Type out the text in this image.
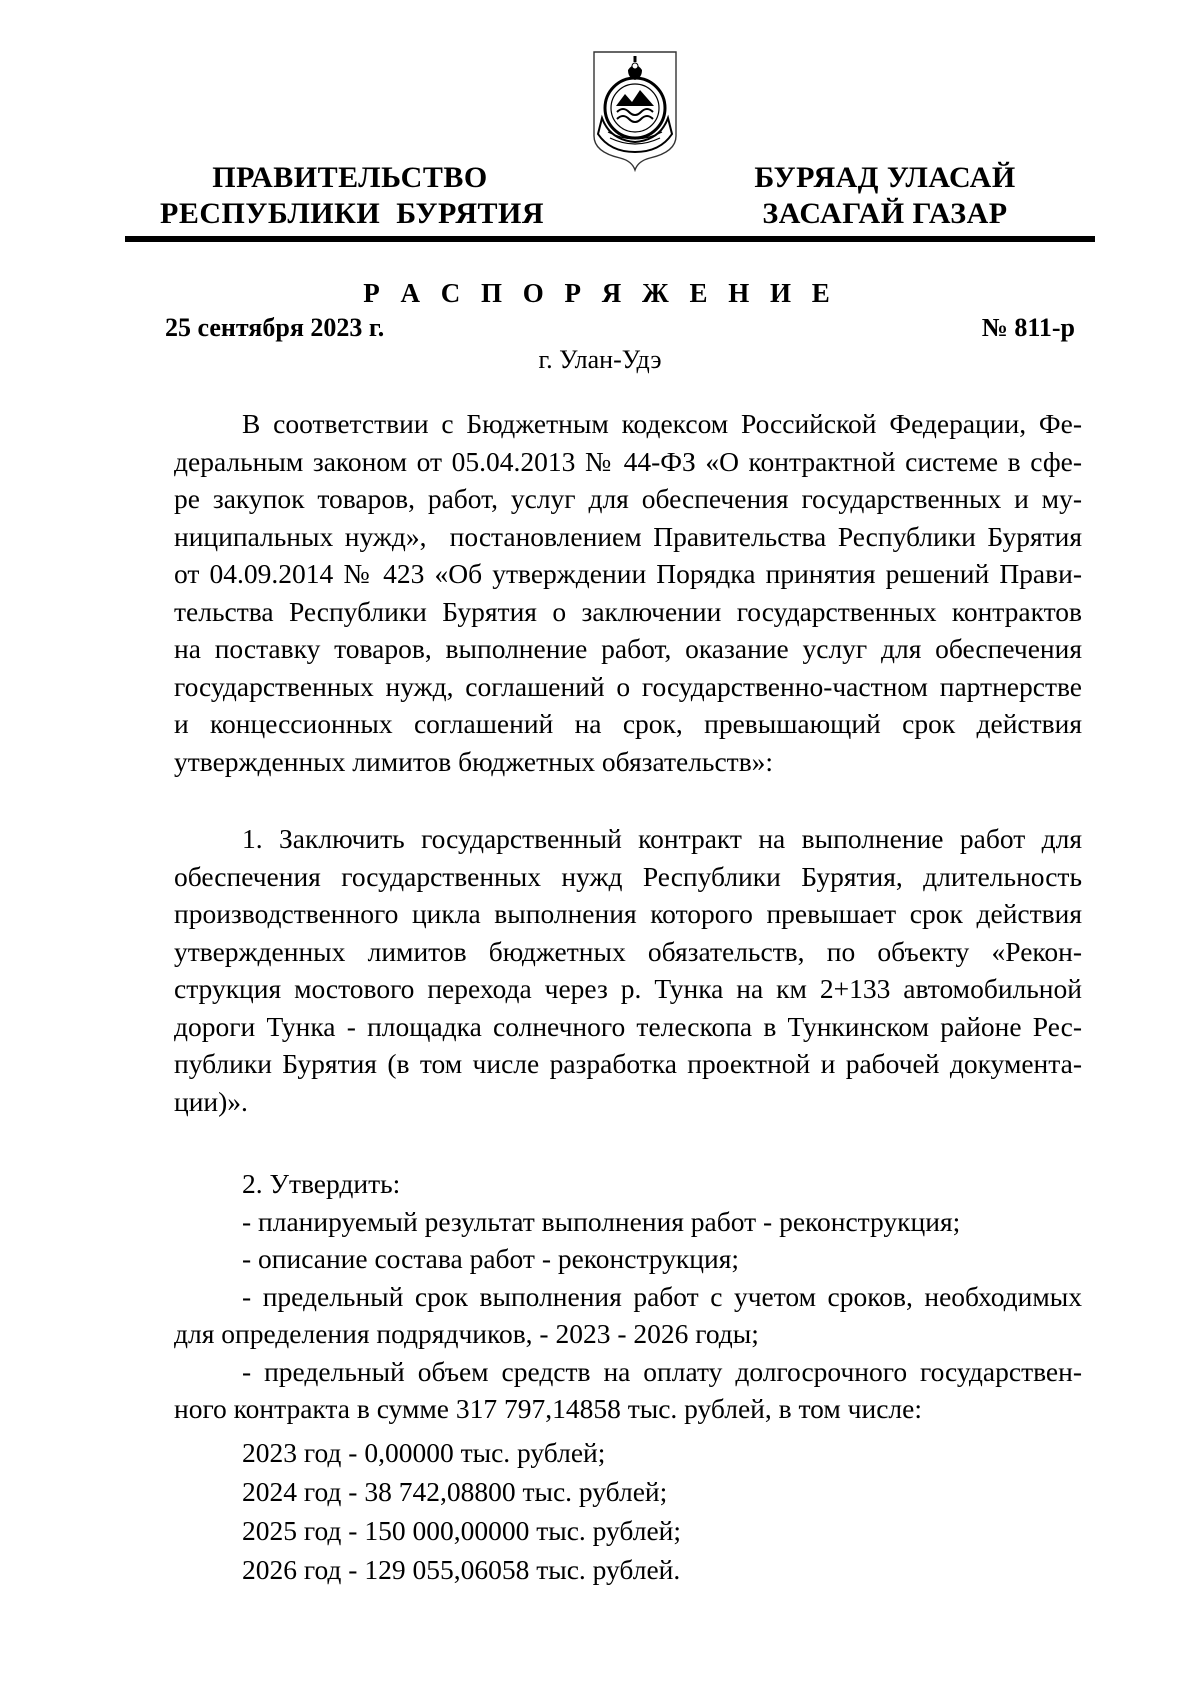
ПРАВИТЕЛЬСТВО
РЕСПУБЛИКИ  БУРЯТИЯ
БУРЯАД УЛАСАЙ
ЗАСАГАЙ ГАЗАР
Р А С П О Р Я Ж Е Н И Е
25 сентября 2023 г.	№ 811-р
г. Улан-Удэ
В соответствии с Бюджетным кодексом Российской Федерации, Фе-
деральным законом от 05.04.2013 № 44-ФЗ «О контрактной системе в сфе-
ре закупок товаров, работ, услуг для обеспечения государственных и му-
ниципальных нужд»,  постановлением Правительства Республики Бурятия
от 04.09.2014 № 423 «Об утверждении Порядка принятия решений Прави-
тельства Республики Бурятия о заключении государственных контрактов
на поставку товаров, выполнение работ, оказание услуг для обеспечения
государственных нужд, соглашений о государственно-частном партнерстве
и концессионных соглашений на срок, превышающий срок действия
утвержденных лимитов бюджетных обязательств»:
1. Заключить государственный контракт на выполнение работ для
обеспечения государственных нужд Республики Бурятия, длительность
производственного цикла выполнения которого превышает срок действия
утвержденных лимитов бюджетных обязательств, по объекту «Рекон-
струкция мостового перехода через р. Тунка на км 2+133 автомобильной
дороги Тунка - площадка солнечного телескопа в Тункинском районе Рес-
публики Бурятия (в том числе разработка проектной и рабочей документа-
ции)».
2. Утвердить:
- планируемый результат выполнения работ - реконструкция;
- описание состава работ - реконструкция;
- предельный срок выполнения работ с учетом сроков, необходимых
для определения подрядчиков, - 2023 - 2026 годы;
- предельный объем средств на оплату долгосрочного государствен-
ного контракта в сумме 317 797,14858 тыс. рублей, в том числе:
2023 год - 0,00000 тыс. рублей;
2024 год - 38 742,08800 тыс. рублей;
2025 год - 150 000,00000 тыс. рублей;
2026 год - 129 055,06058 тыс. рублей.
